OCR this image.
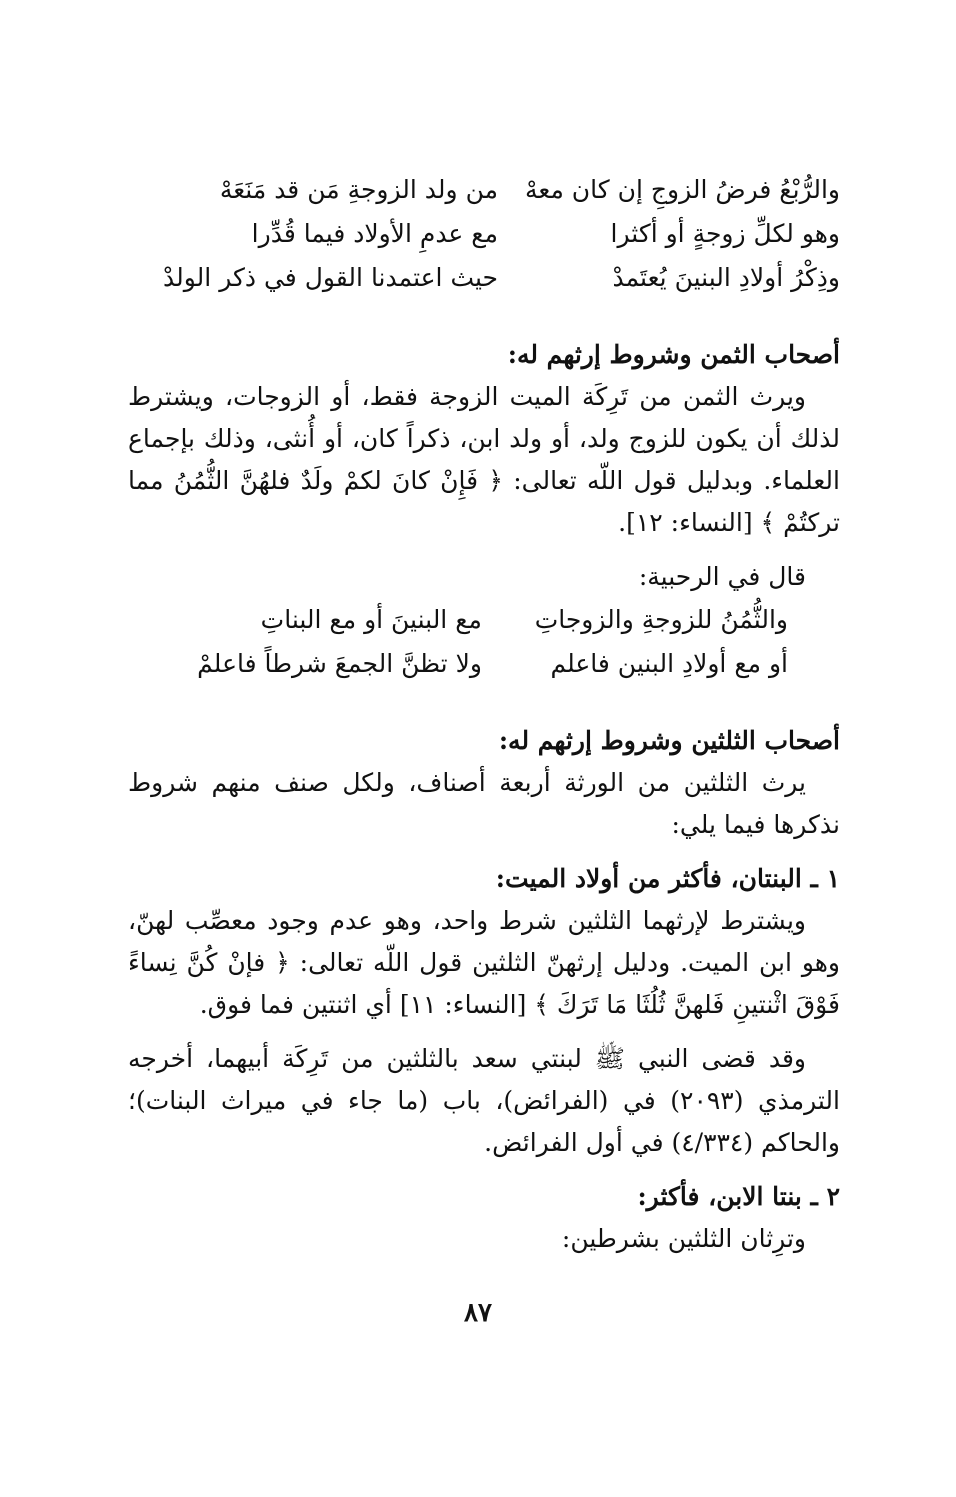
والرُّبْعُ فرضُ الزوجِ إن كان معهْ
من ولد الزوجةِ مَن قد مَنَعَهْ
وهو لكلِّ زوجةٍ أو أكثرا
مع عدمِ الأولاد فيما قُدِّرا
وذِكْرُ أولادِ البنينَ يُعتَمدْ
حيث اعتمدنا القول في ذكر الولدْ

أصحاب الثمن وشروط إرثهم له:

ويرث الثمن من تَرِكَة الميت الزوجة فقط، أو الزوجات، ويشترط لذلك أن يكون للزوج ولد، أو ولد ابن، ذكراً كان، أو أُنثى، وذلك بإجماع العلماء. وبدليل قول اللّه تعالى: ﴿ فَإِنْ كانَ لكمْ ولَدٌ فلهُنَّ الثُّمُنُ مما تركتُمْ ﴾ [النساء: ١٢].

قال في الرحبية:

والثُّمُنُ للزوجةِ والزوجاتِ
مع البنينَ أو مع البناتِ
أو مع أولادِ البنين فاعلم
ولا تظنَّ الجمعَ شرطاً فاعلمْ

أصحاب الثلثين وشروط إرثهم له:

يرث الثلثين من الورثة أربعة أصناف، ولكل صنف منهم شروط نذكرها فيما يلي:

١ ـ البنتان، فأكثر من أولاد الميت:

ويشترط لإرثهما الثلثين شرط واحد، وهو عدم وجود معصِّب لهنّ، وهو ابن الميت. ودليل إرثهنّ الثلثين قول اللّه تعالى: ﴿ فإنْ كُنَّ نِساءً فَوْقَ اثْنتينِ فَلهنَّ ثُلُثَا مَا تَرَكَ ﴾ [النساء: ١١] أي اثنتين فما فوق.

وقد قضى النبي ﷺ لبنتي سعد بالثلثين من تَرِكَة أبيهما، أخرجه الترمذي (٢٠٩٣) في (الفرائض)، باب (ما جاء في ميراث البنات)؛ والحاكم (٤/٣٣٤) في أول الفرائض.

٢ ـ بنتا الابن، فأكثر:

وترِثان الثلثين بشرطين:

٨٧
